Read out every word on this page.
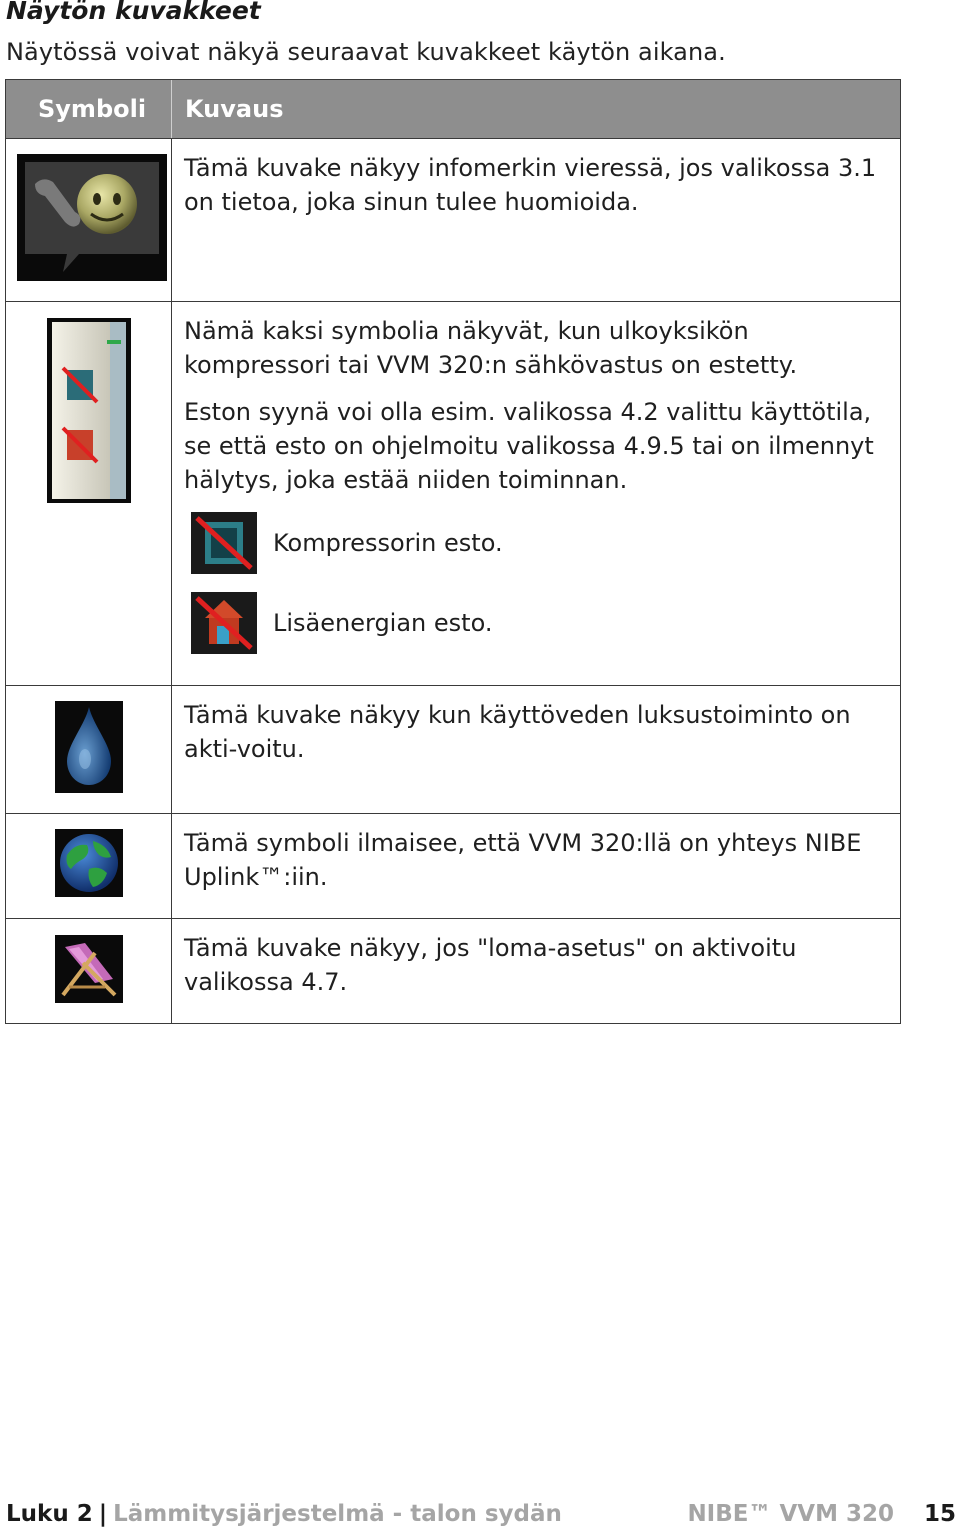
Näytön kuvakkeet
Näytössä voivat näkyä seuraavat kuvakkeet käytön aikana.
Symboli	Kuvaus

Tämä kuvake näkyy infomerkin vieressä, jos valikossa 3.1 on tietoa, joka sinun tulee huomioida.

Nämä kaksi symbolia näkyvät, kun ulkoyksikön kompressori tai VVM 320:n sähkövastus on estetty.

Eston syynä voi olla esim. valikossa 4.2 valittu käyttötila, se että esto on ohjelmoitu valikossa 4.9.5 tai on ilmennyt hälytys, joka estää niiden toiminnan.

Kompressorin esto.
Lisäenergian esto.

Tämä kuvake näkyy kun käyttöveden luksustoiminto on akti-voitu.

Tämä symboli ilmaisee, että VVM 320:llä on yhteys NIBE Uplink™:iin.

Tämä kuvake näkyy, jos "loma-asetus" on aktivoitu valikossa 4.7.

Luku 2 | Lämmitysjärjestelmä - talon sydän	NIBE™ VVM 320 15
